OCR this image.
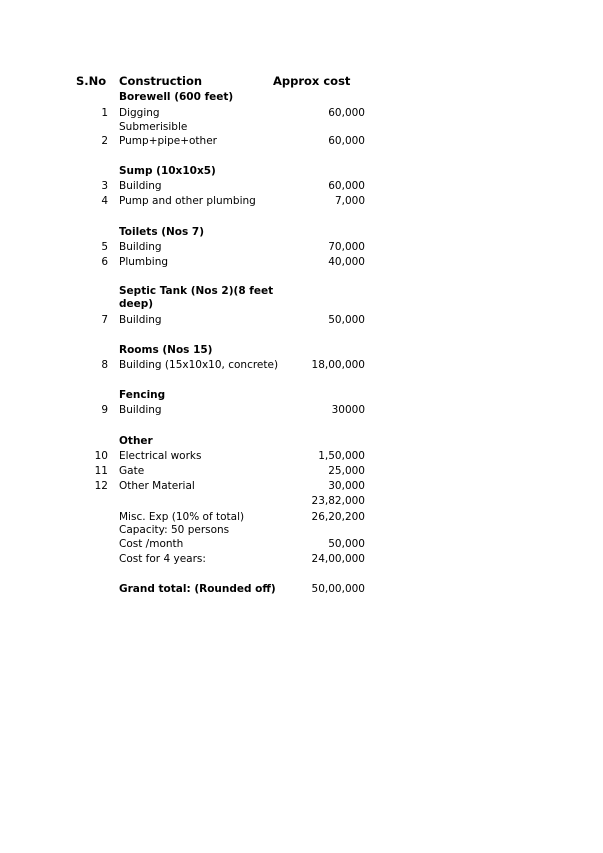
S.No Construction	Approx cost
Borewell (600 feet)
1 Digging	60,000
Submerisible
2 Pump+pipe+other	60,000
Sump (10x10x5)
3 Building	60,000
4 Pump and other plumbing	7,000
Toilets (Nos 7)
5 Building	70,000
6 Plumbing	40,000
Septic Tank (Nos 2)(8 feet
deep)
7 Building	50,000
Rooms (Nos 15)
8 Building (15x10x10, concrete)	18,00,000
Fencing
9 Building	30000
Other
10 Electrical works	1,50,000
11 Gate	25,000
12 Other Material	30,000
23,82,000
Misc. Exp (10% of total)	26,20,200
Capacity: 50 persons
Cost /month	50,000
Cost for 4 years:	24,00,000
Grand total: (Rounded off)	50,00,000
